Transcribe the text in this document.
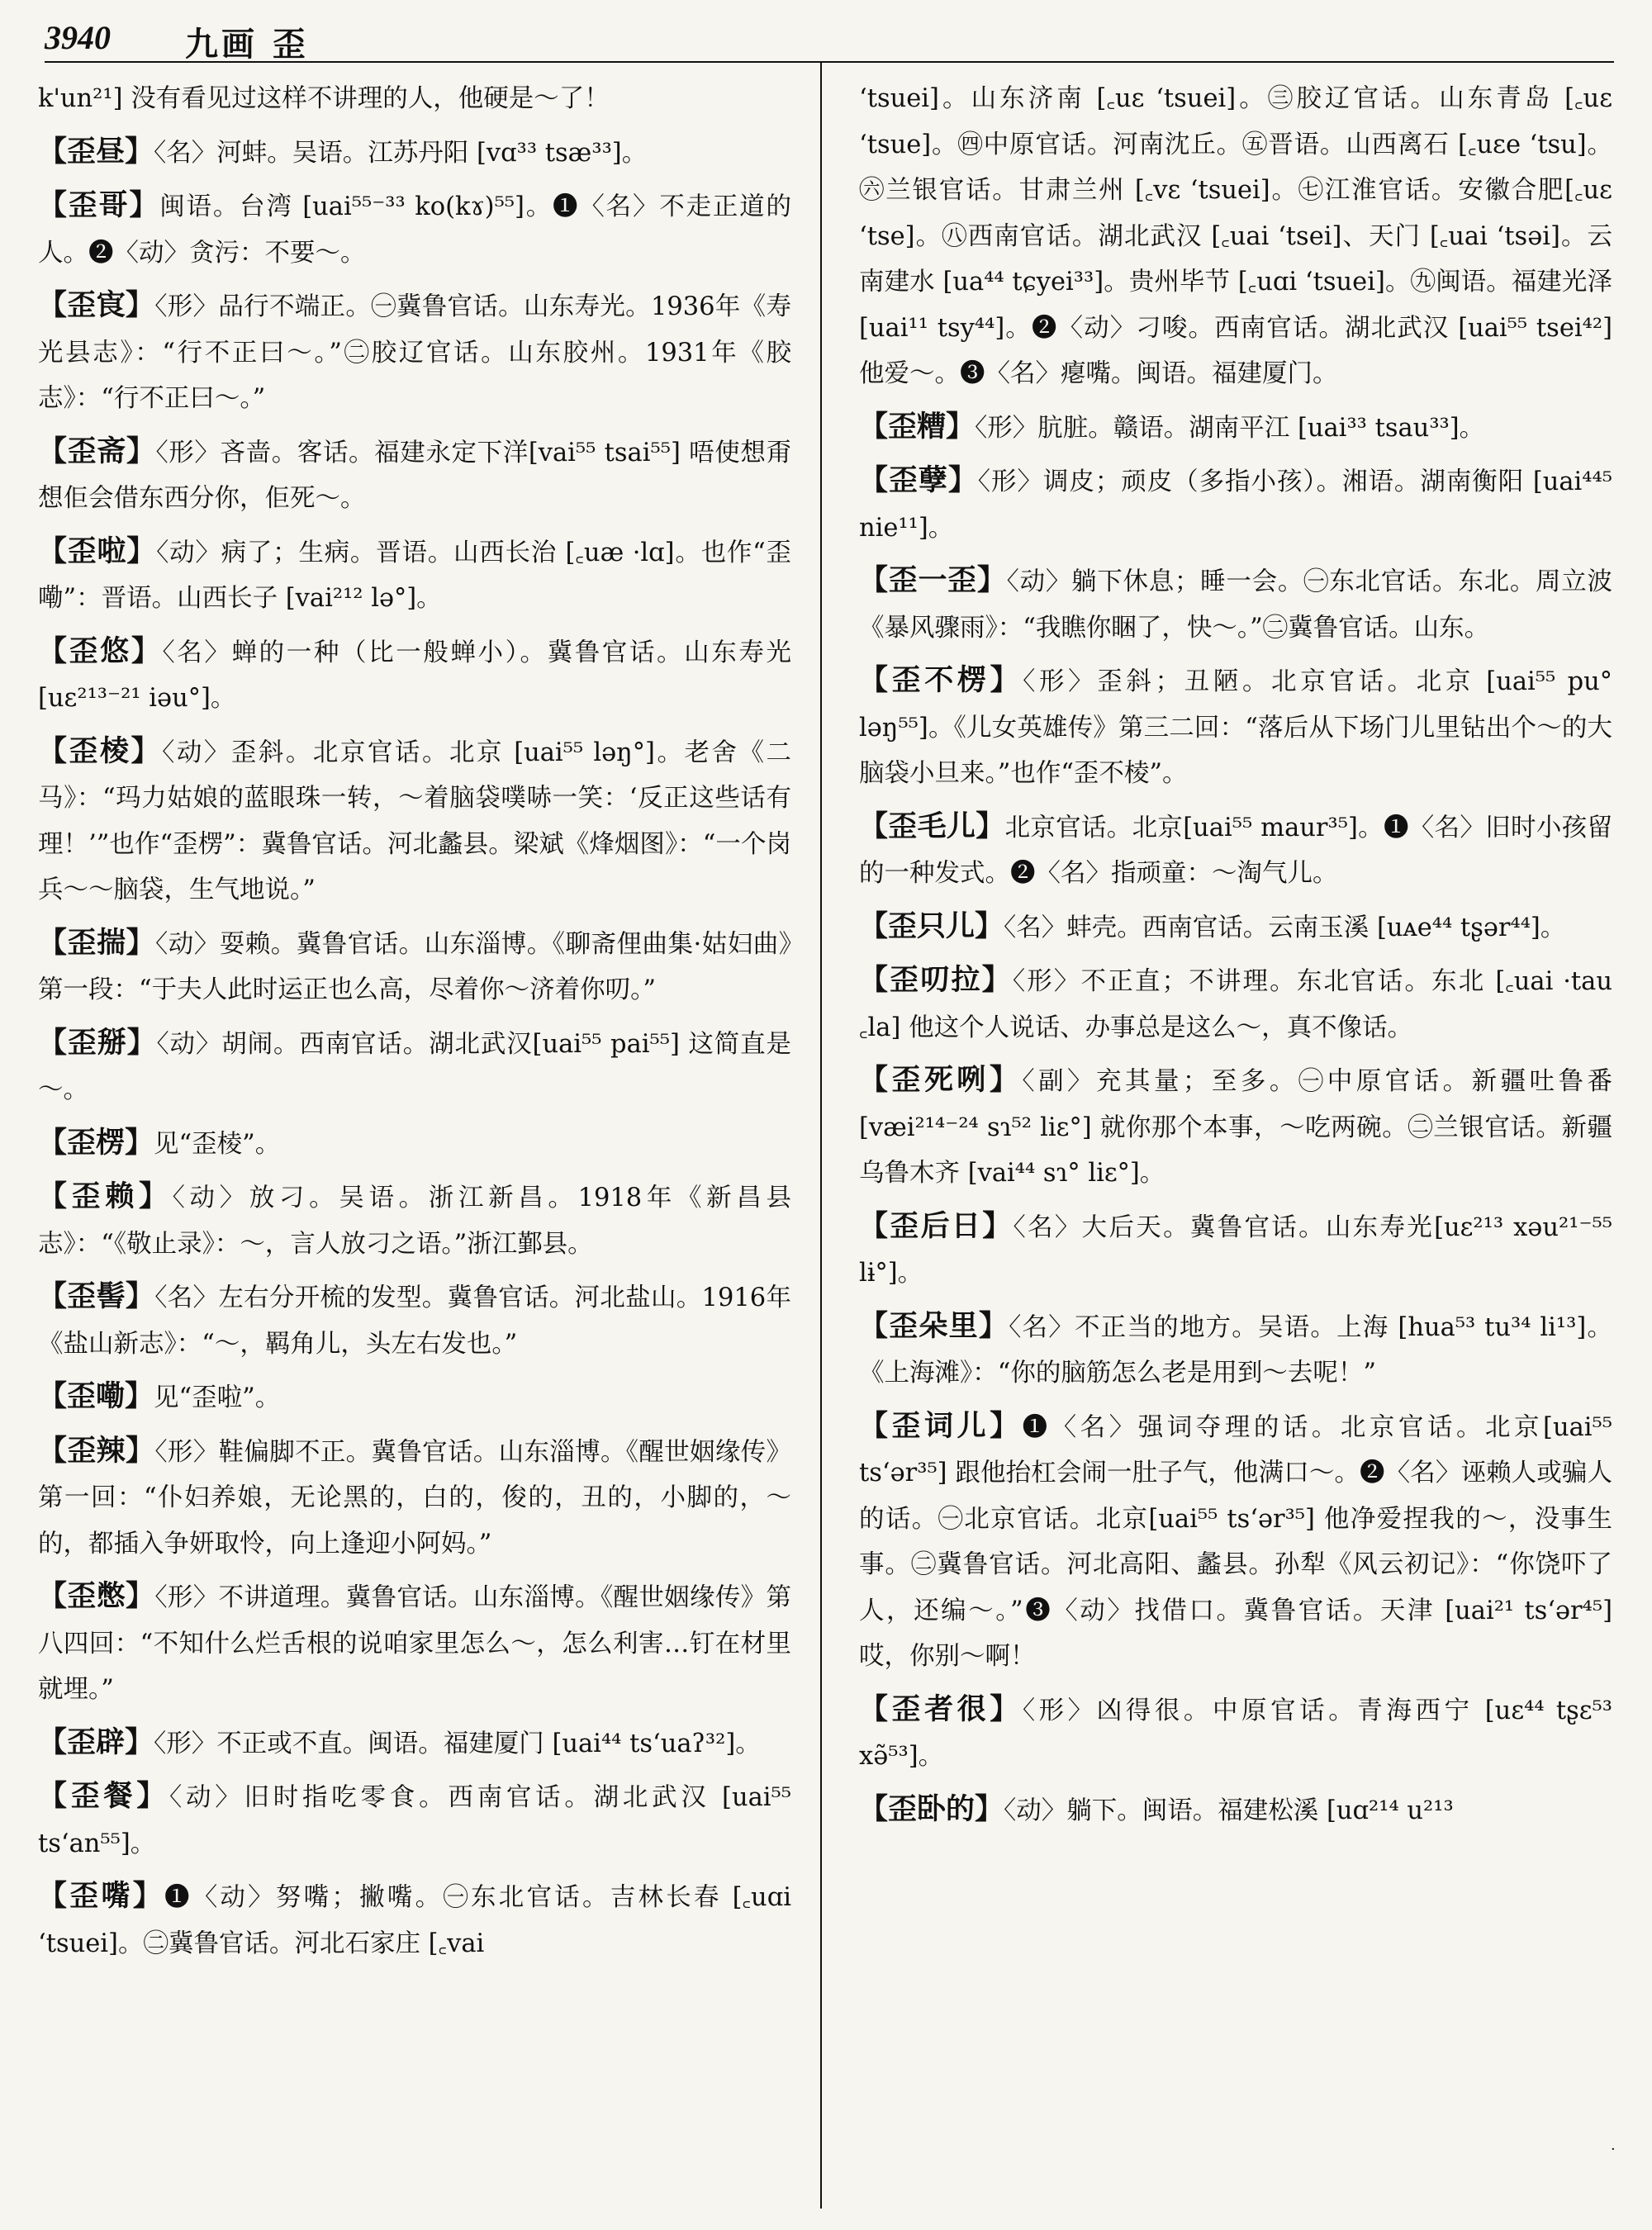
3940 九画 歪

k'un²¹] 没有看见过这样不讲理的人，他硬是～了！

【歪昼】〈名〉河蚌。吴语。江苏丹阳 [vɑ³³ tsæ³³]。

【歪哥】闽语。台湾 [uai⁵⁵⁻³³ ko(kɤ)⁵⁵]。❶〈名〉不走正道的人。❷〈动〉贪污：不要～。

【歪㝗】〈形〉品行不端正。㊀冀鲁官话。山东寿光。1936年《寿光县志》：“行不正曰～。”㊁胶辽官话。山东胶州。1931年《胶志》：“行不正曰～。”

【歪斋】〈形〉吝啬。客话。福建永定下洋[vai⁵⁵ tsai⁵⁵] 唔使想甭想佢会借东西分你，佢死～。

【歪啦】〈动〉病了；生病。晋语。山西长治 [꜀uæ ·lɑ]。也作“歪嘞”：晋语。山西长子 [vai²¹² lə°]。

【歪悠】〈名〉蝉的一种（比一般蝉小）。冀鲁官话。山东寿光 [uɛ²¹³⁻²¹ iəu°]。

【歪棱】〈动〉歪斜。北京官话。北京 [uai⁵⁵ ləŋ°]。老舍《二马》：“玛力姑娘的蓝眼珠一转，～着脑袋噗哧一笑：‘反正这些话有理！’”也作“歪楞”：冀鲁官话。河北蠡县。梁斌《烽烟图》：“一个岗兵～～脑袋，生气地说。”

【歪揣】〈动〉耍赖。冀鲁官话。山东淄博。《聊斋俚曲集·姑妇曲》第一段：“于夫人此时运正也么高，尽着你～济着你叨。”

【歪掰】〈动〉胡闹。西南官话。湖北武汉[uai⁵⁵ pai⁵⁵] 这简直是～。

【歪楞】见“歪棱”。

【歪赖】〈动〉放刁。吴语。浙江新昌。1918年《新昌县志》：“《敬止录》：～，言人放刁之语。”浙江鄞县。

【歪髻】〈名〉左右分开梳的发型。冀鲁官话。河北盐山。1916年《盐山新志》：“～，羁角儿，头左右发也。”

【歪嘞】见“歪啦”。

【歪辣】〈形〉鞋偏脚不正。冀鲁官话。山东淄博。《醒世姻缘传》第一回：“仆妇养娘，无论黑的，白的，俊的，丑的，小脚的，～的，都插入争妍取怜，向上逢迎小阿妈。”

【歪憋】〈形〉不讲道理。冀鲁官话。山东淄博。《醒世姻缘传》第八四回：“不知什么烂舌根的说咱家里怎么～，怎么利害…钉在材里就埋。”

【歪辟】〈形〉不正或不直。闽语。福建厦门 [uai⁴⁴ ts‘uaʔ³²]。

【歪餐】〈动〉旧时指吃零食。西南官话。湖北武汉 [uai⁵⁵ ts‘an⁵⁵]。

【歪嘴】❶〈动〉努嘴；撇嘴。㊀东北官话。吉林长春 [꜀uɑi ‘tsuei]。㊁冀鲁官话。河北石家庄 [꜀vai

‘tsuei]。山东济南 [꜀uɛ ‘tsuei]。㊂胶辽官话。山东青岛 [꜀uɛ ‘tsue]。㊃中原官话。河南沈丘。㊄晋语。山西离石 [꜀uɛe ‘tsu]。㊅兰银官话。甘肃兰州 [꜀vɛ ‘tsuei]。㊆江淮官话。安徽合肥[꜀uɛ ‘tse]。㊇西南官话。湖北武汉 [꜀uai ‘tsei]、天门 [꜀uai ‘tsəi]。云南建水 [ua⁴⁴ tɕyei³³]。贵州毕节 [꜀uɑi ‘tsuei]。㊈闽语。福建光泽 [uai¹¹ tsy⁴⁴]。❷〈动〉刁唆。西南官话。湖北武汉 [uai⁵⁵ tsei⁴²] 他爱～。❸〈名〉瘪嘴。闽语。福建厦门。

【歪糟】〈形〉肮脏。赣语。湖南平江 [uai³³ tsau³³]。

【歪孽】〈形〉调皮；顽皮（多指小孩）。湘语。湖南衡阳 [uai⁴⁴⁵ nie¹¹]。

【歪一歪】〈动〉躺下休息；睡一会。㊀东北官话。东北。周立波《暴风骤雨》：“我瞧你睏了，快～。”㊁冀鲁官话。山东。

【歪不楞】〈形〉歪斜；丑陋。北京官话。北京 [uai⁵⁵ pu° ləŋ⁵⁵]。《儿女英雄传》第三二回：“落后从下场门儿里钻出个～的大脑袋小旦来。”也作“歪不棱”。

【歪毛儿】北京官话。北京[uai⁵⁵ maur³⁵]。❶〈名〉旧时小孩留的一种发式。❷〈名〉指顽童：～淘气儿。

【歪只儿】〈名〉蚌壳。西南官话。云南玉溪 [uᴀe⁴⁴ tʂər⁴⁴]。

【歪叨拉】〈形〉不正直；不讲理。东北官话。东北 [꜀uai ·tau ꜀la] 他这个人说话、办事总是这么～，真不像话。

【歪死咧】〈副〉充其量；至多。㊀中原官话。新疆吐鲁番 [væi²¹⁴⁻²⁴ sɿ⁵² liɛ°] 就你那个本事，～吃两碗。㊁兰银官话。新疆乌鲁木齐 [vai⁴⁴ sɿ° liɛ°]。

【歪后日】〈名〉大后天。冀鲁官话。山东寿光[uɛ²¹³ xəu²¹⁻⁵⁵ lɨ°]。

【歪朵里】〈名〉不正当的地方。吴语。上海 [hua⁵³ tu³⁴ li¹³]。《上海滩》：“你的脑筋怎么老是用到～去呢！”

【歪词儿】❶〈名〉强词夺理的话。北京官话。北京[uai⁵⁵ ts‘ər³⁵] 跟他抬杠会闹一肚子气，他满口～。❷〈名〉诬赖人或骗人的话。㊀北京官话。北京[uai⁵⁵ ts‘ər³⁵] 他净爱捏我的～，没事生事。㊁冀鲁官话。河北高阳、蠡县。孙犁《风云初记》：“你饶吓了人，还编～。”❸〈动〉找借口。冀鲁官话。天津 [uai²¹ ts‘ər⁴⁵] 哎，你别～啊！

【歪者很】〈形〉凶得很。中原官话。青海西宁 [uɛ⁴⁴ tʂɛ⁵³ xə̃⁵³]。

【歪卧的】〈动〉躺下。闽语。福建松溪 [uɑ²¹⁴ u²¹³

·
